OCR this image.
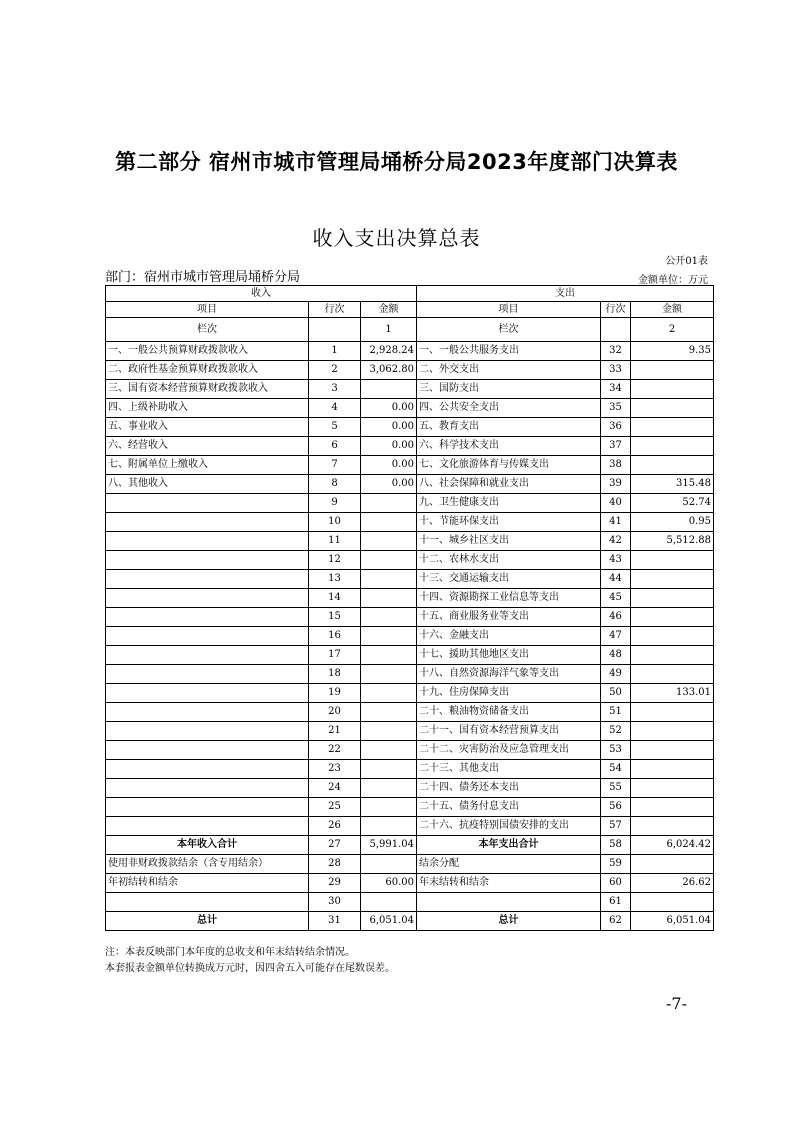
第二部分 宿州市城市管理局埇桥分局2023年度部门决算表
收入支出决算总表
公开01表
部门：宿州市城市管理局埇桥分局	金额单位：万元
收入			支出		
项目	行次	金额	项目	行次	金额
栏次		1	栏次		2
一、一般公共预算财政拨款收入	1	2,928.24	一、一般公共服务支出	32	9.35
二、政府性基金预算财政拨款收入	2	3,062.80	二、外交支出	33	
三、国有资本经营预算财政拨款收入	3		三、国防支出	34	
四、上级补助收入	4	0.00	四、公共安全支出	35	
五、事业收入	5	0.00	五、教育支出	36	
六、经营收入	6	0.00	六、科学技术支出	37	
七、附属单位上缴收入	7	0.00	七、文化旅游体育与传媒支出	38	
八、其他收入	8	0.00	八、社会保障和就业支出	39	315.48
	9		九、卫生健康支出	40	52.74
	10		十、节能环保支出	41	0.95
	11		十一、城乡社区支出	42	5,512.88
	12		十二、农林水支出	43	
	13		十三、交通运输支出	44	
	14		十四、资源勘探工业信息等支出	45	
	15		十五、商业服务业等支出	46	
	16		十六、金融支出	47	
	17		十七、援助其他地区支出	48	
	18		十八、自然资源海洋气象等支出	49	
	19		十九、住房保障支出	50	133.01
	20		二十、粮油物资储备支出	51	
	21		二十一、国有资本经营预算支出	52	
	22		二十二、灾害防治及应急管理支出	53	
	23		二十三、其他支出	54	
	24		二十四、债务还本支出	55	
	25		二十五、债务付息支出	56	
	26		二十六、抗疫特别国债安排的支出	57	
本年收入合计	27	5,991.04	本年支出合计	58	6,024.42
使用非财政拨款结余（含专用结余）	28		结余分配	59	
年初结转和结余	29	60.00	年末结转和结余	60	26.62
	30			61	
总计	31	6,051.04	总计	62	6,051.04
注：本表反映部门本年度的总收支和年末结转结余情况。
本套报表金额单位转换成万元时，因四舍五入可能存在尾数误差。
-7-
